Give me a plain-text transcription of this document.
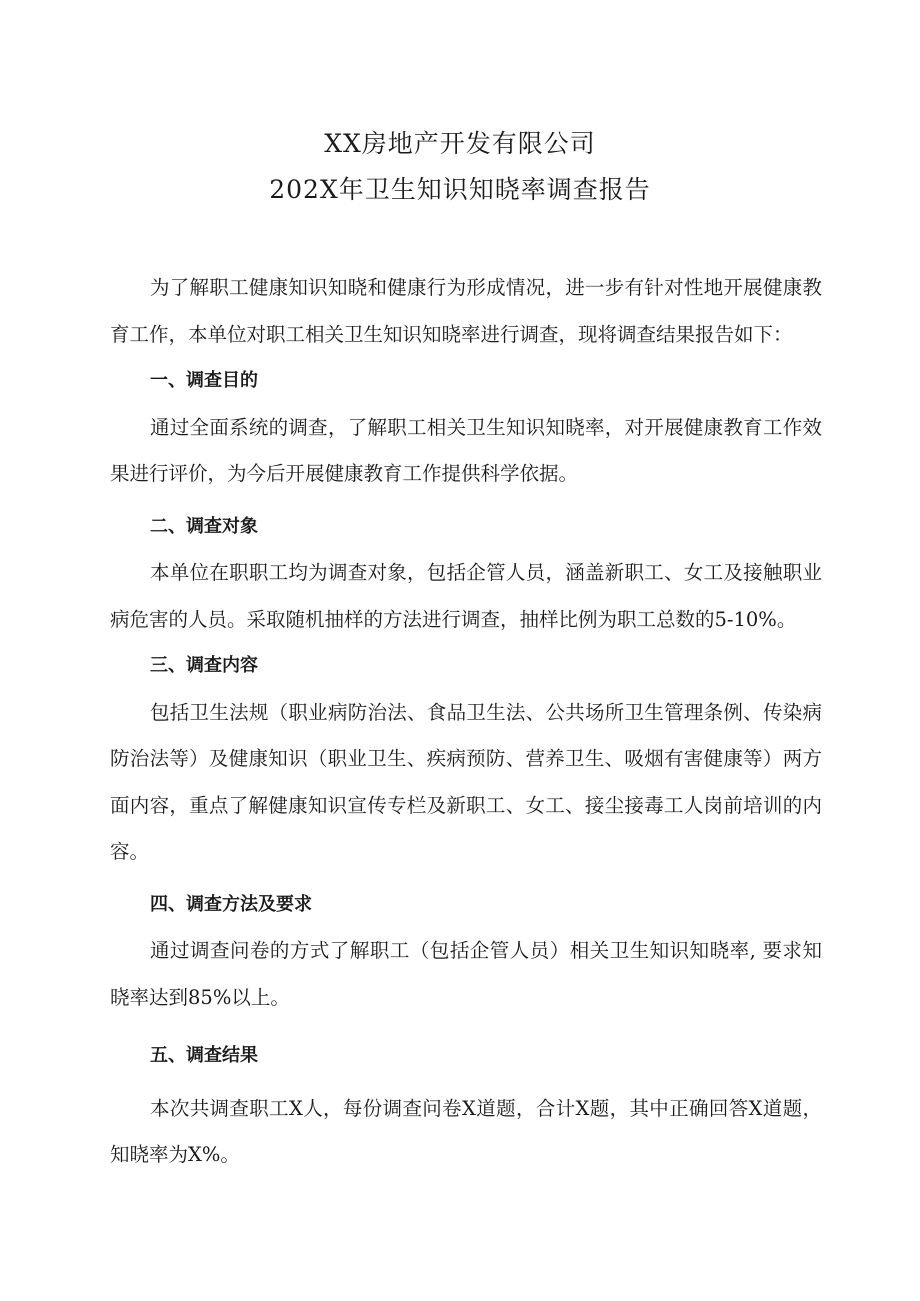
XX房地产开发有限公司
202X年卫生知识知晓率调查报告

为了解职工健康知识知晓和健康行为形成情况，进一步有针对性地开展健康教育工作，本单位对职工相关卫生知识知晓率进行调查，现将调查结果报告如下：

一、调查目的

通过全面系统的调查，了解职工相关卫生知识知晓率，对开展健康教育工作效果进行评价，为今后开展健康教育工作提供科学依据。

二、调查对象

本单位在职职工均为调查对象，包括企管人员，涵盖新职工、女工及接触职业病危害的人员。采取随机抽样的方法进行调查，抽样比例为职工总数的5-10%。

三、调查内容

包括卫生法规（职业病防治法、食品卫生法、公共场所卫生管理条例、传染病防治法等）及健康知识（职业卫生、疾病预防、营养卫生、吸烟有害健康等）两方面内容，重点了解健康知识宣传专栏及新职工、女工、接尘接毒工人岗前培训的内容。

四、调查方法及要求

通过调查问卷的方式了解职工（包括企管人员）相关卫生知识知晓率, 要求知晓率达到85%以上。

五、调查结果

本次共调查职工X人，每份调查问卷X道题，合计X题，其中正确回答X道题，知晓率为X%。
